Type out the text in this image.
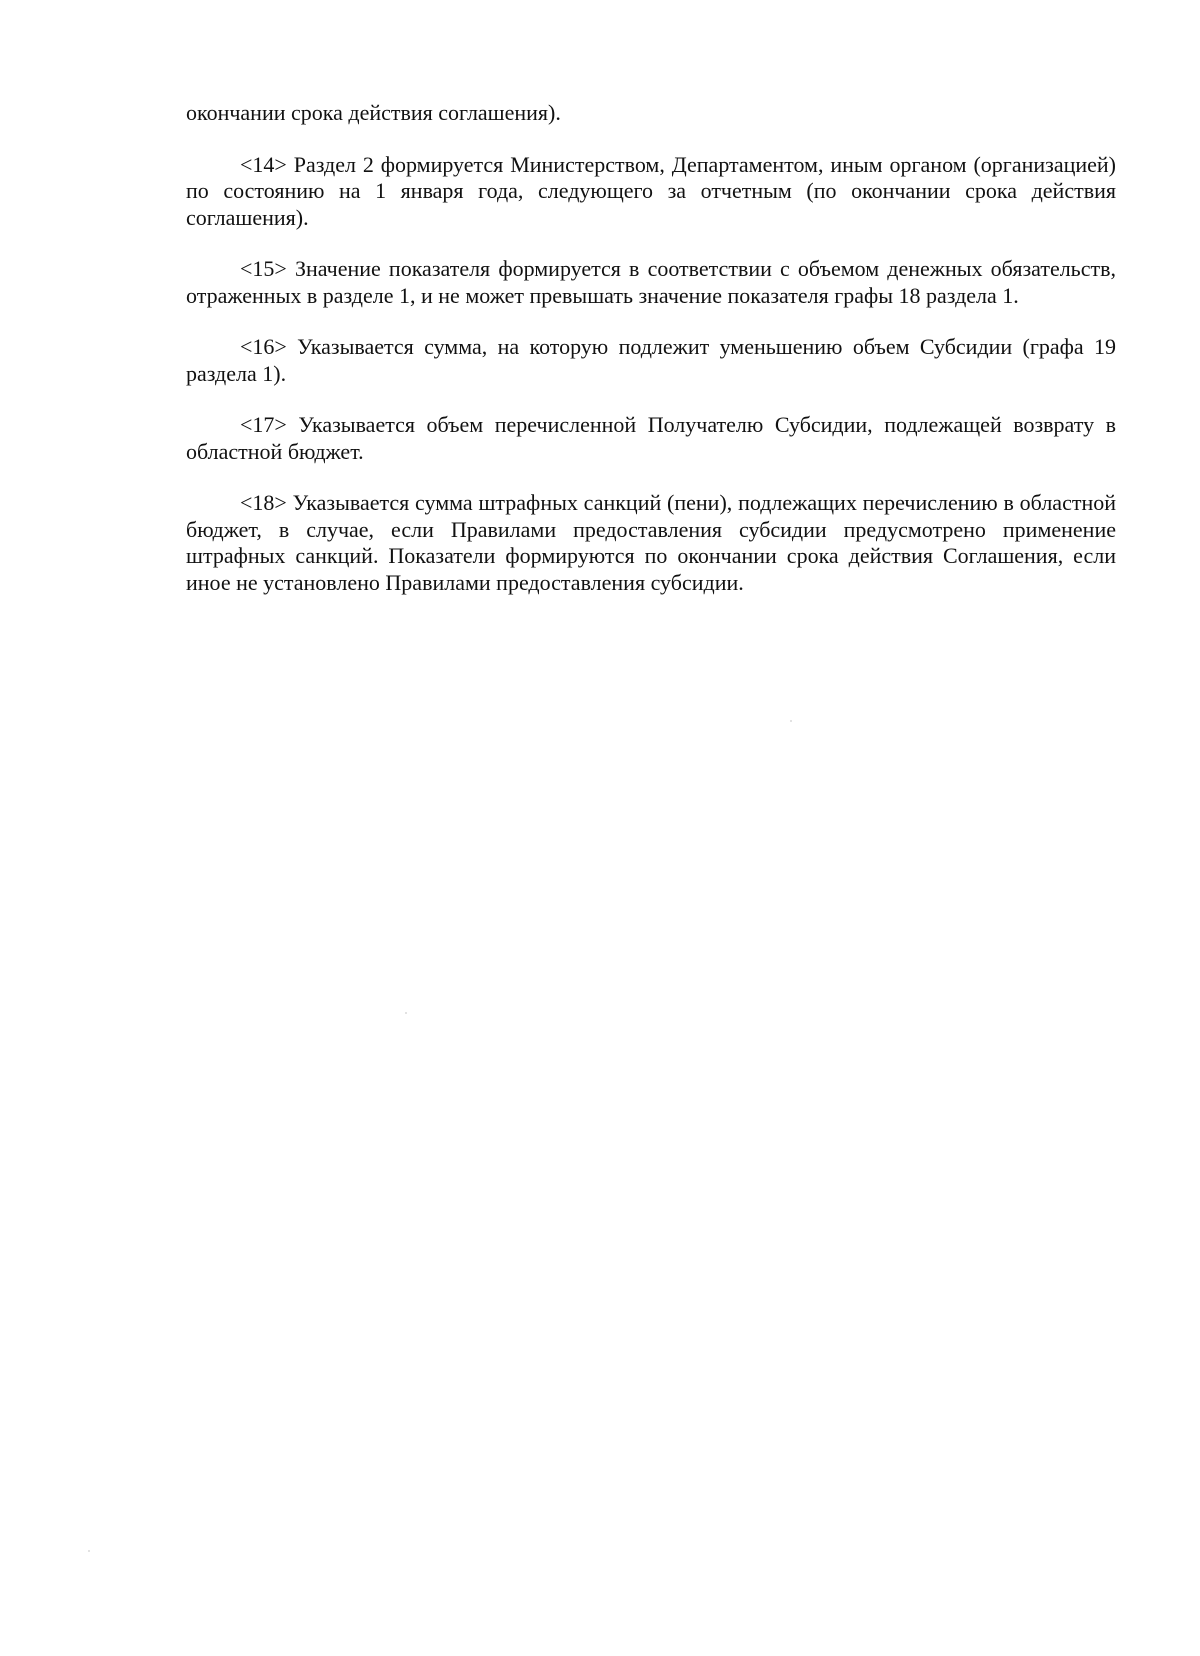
окончании срока действия соглашения).

<14> Раздел 2 формируется Министерством, Департаментом, иным органом (организацией) по состоянию на 1 января года, следующего за отчетным (по окончании срока действия соглашения).

<15> Значение показателя формируется в соответствии с объемом денежных обязательств, отраженных в разделе 1, и не может превышать значение показателя графы 18 раздела 1.

<16> Указывается сумма, на которую подлежит уменьшению объем Субсидии (графа 19 раздела 1).

<17> Указывается объем перечисленной Получателю Субсидии, подлежащей возврату в областной бюджет.

<18> Указывается сумма штрафных санкций (пени), подлежащих перечислению в областной бюджет, в случае, если Правилами предоставления субсидии предусмотрено применение штрафных санкций. Показатели формируются по окончании срока действия Соглашения, если иное не установлено Правилами предоставления субсидии.
